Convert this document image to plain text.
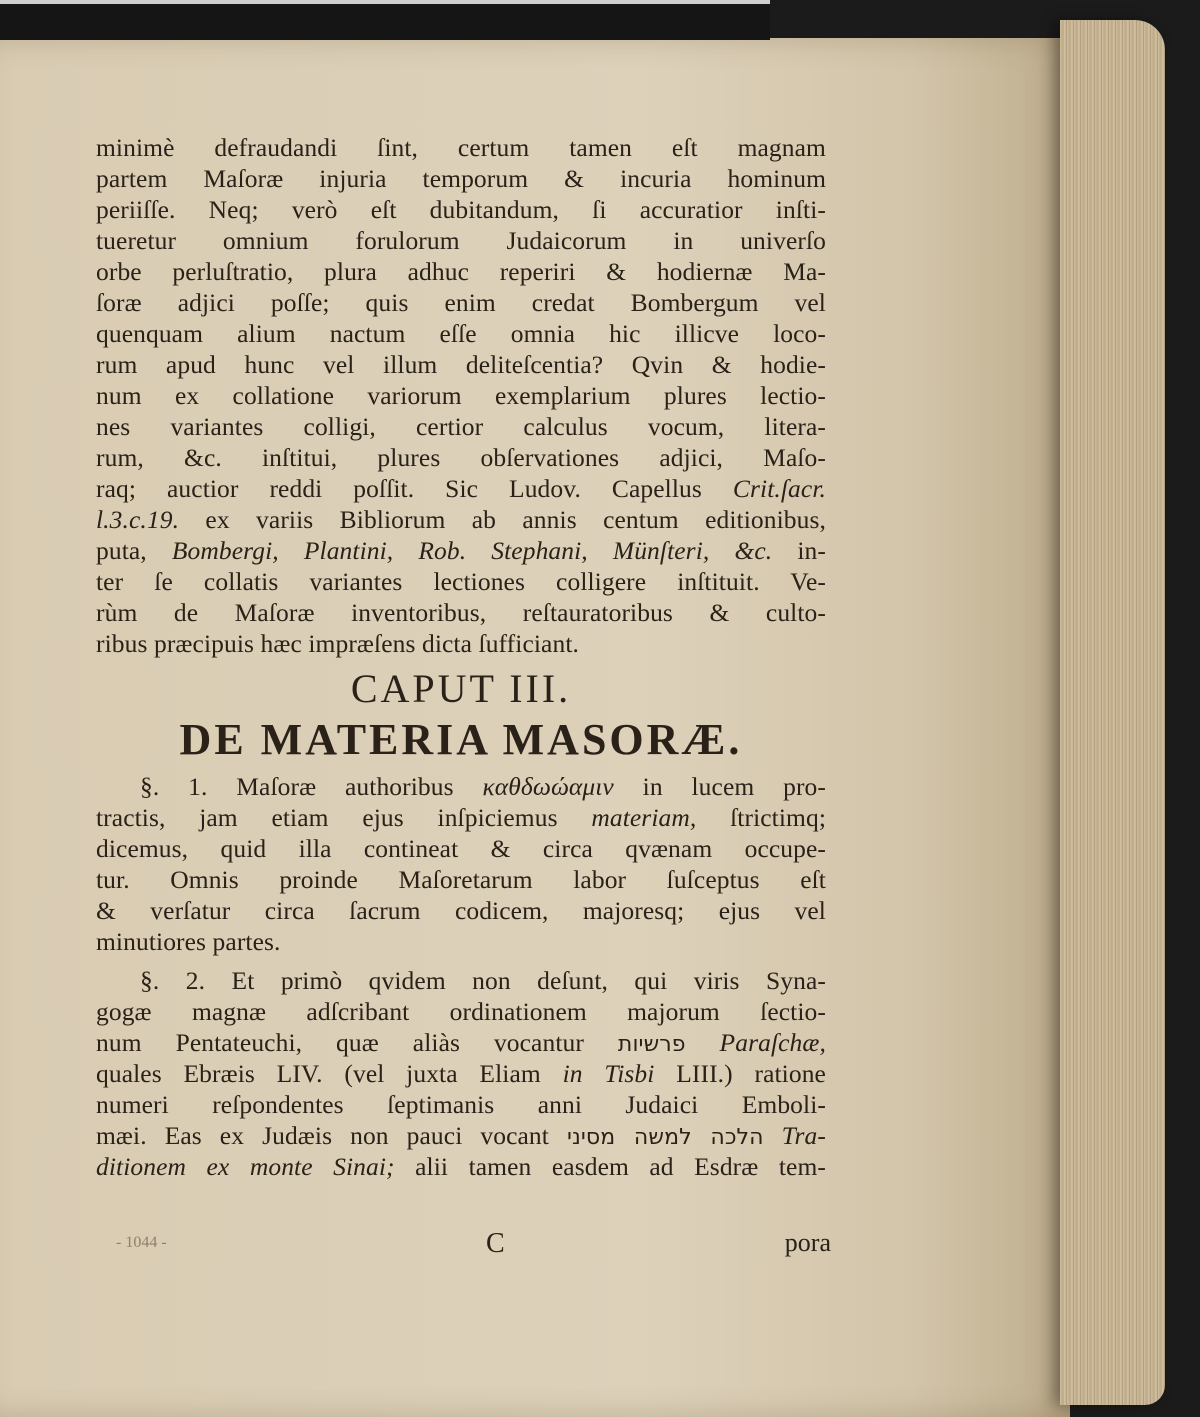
minimè defraudandi ſint, certum tamen eſt magnam
partem Maſoræ injuria temporum & incuria hominum
periiſſe. Neq; verò eſt dubitandum, ſi accuratior inſti-
tueretur omnium forulorum Judaicorum in univerſo
orbe perluſtratio, plura adhuc reperiri & hodiernæ Ma-
ſoræ adjici poſſe; quis enim credat Bombergum vel
quenquam alium nactum eſſe omnia hic illicve loco-
rum apud hunc vel illum deliteſcentia? Qvin & hodie-
num ex collatione variorum exemplarium plures lectio-
nes variantes colligi, certior calculus vocum, litera-
rum, &c. inſtitui, plures obſervationes adjici, Maſo-
raq; auctior reddi poſſit. Sic Ludov. Capellus Crit.ſacr.
l.3.c.19. ex variis Bibliorum ab annis centum editionibus,
puta, Bombergi, Plantini, Rob. Stephani, Münſteri, &c. in-
ter ſe collatis variantes lectiones colligere inſtituit. Ve-
rùm de Maſoræ inventoribus, reſtauratoribus & culto-
ribus præcipuis hæc impræſens dicta ſufficiant.
CAPUT III.
DE MATERIA MASORÆ.
§. 1. Maſoræ authoribus καθδωώαμιν in lucem pro-
tractis, jam etiam ejus inſpiciemus materiam, ſtrictimq;
dicemus, quid illa contineat & circa qvænam occupe-
tur. Omnis proinde Maſoretarum labor ſuſceptus eſt
& verſatur circa ſacrum codicem, majoresq; ejus vel
minutiores partes.
§. 2. Et primò qvidem non deſunt, qui viris Syna-
gogæ magnæ adſcribant ordinationem majorum ſectio-
num Pentateuchi, quæ aliàs vocantur פרשיות Paraſchæ,
quales Ebræis LIV. (vel juxta Eliam in Tisbi LIII.) ratione
numeri reſpondentes ſeptimanis anni Judaici Emboli-
mæi. Eas ex Judæis non pauci vocant הלכה למשה מסיני Tra-
ditionem ex monte Sinai; alii tamen easdem ad Esdræ tem-
- 1044 -	C	pora
